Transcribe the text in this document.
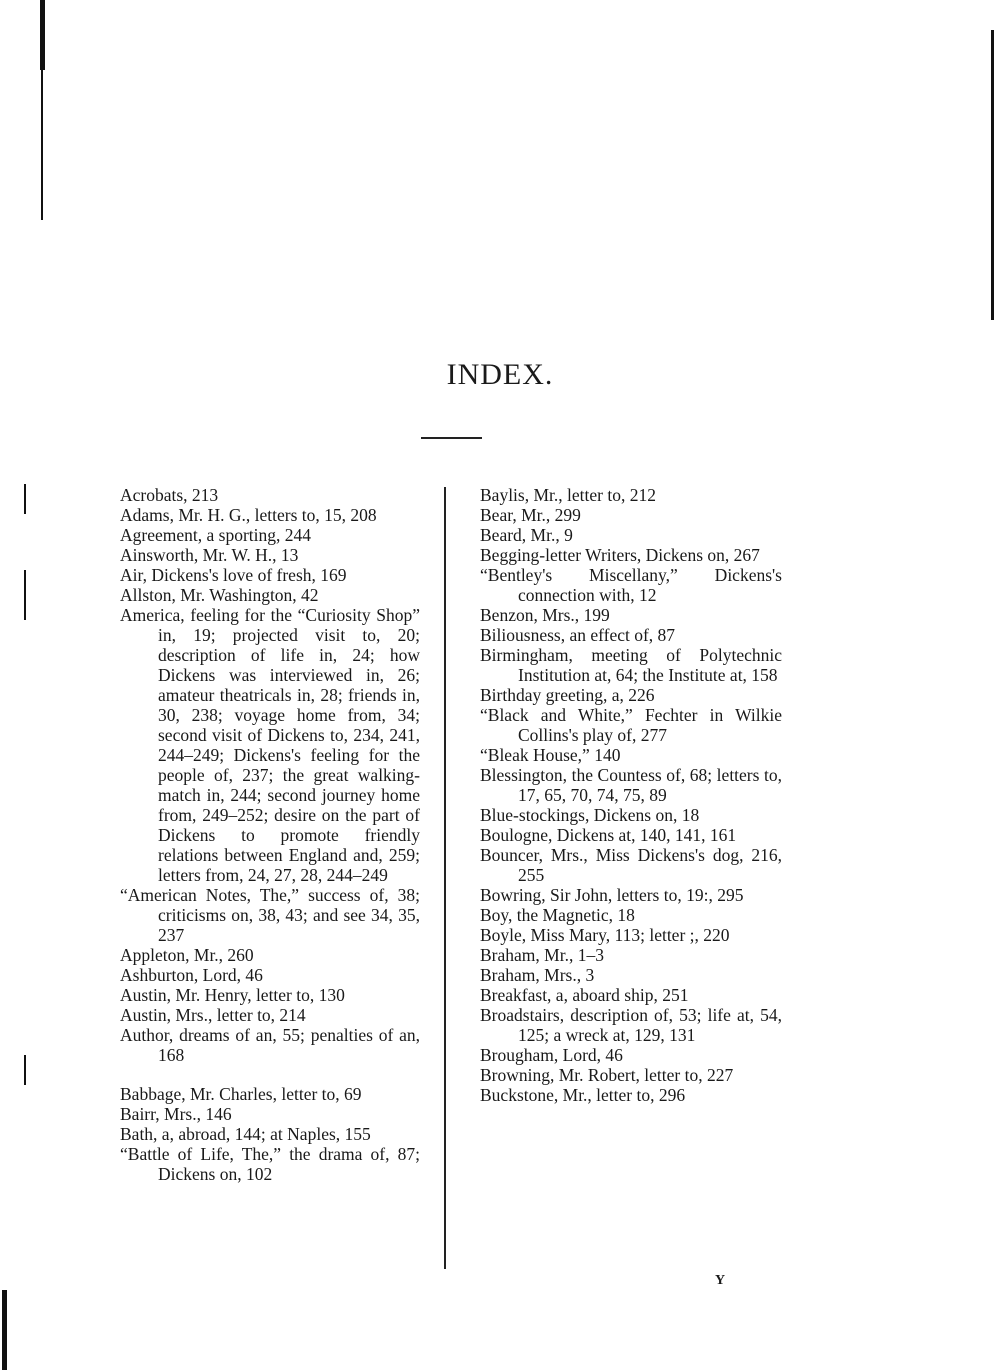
INDEX.
Acrobats, 213
Adams, Mr. H. G., letters to, 15, 208
Agreement, a sporting, 244
Ainsworth, Mr. W. H., 13
Air, Dickens's love of fresh, 169
Allston, Mr. Washington, 42
America, feeling for the “Curiosity Shop” in, 19; projected visit to, 20; description of life in, 24; how Dickens was interviewed in, 26; amateur theatricals in, 28; friends in, 30, 238; voyage home from, 34; second visit of Dickens to, 234, 241, 244–249; Dickens's feeling for the people of, 237; the great walking-match in, 244; second journey home from, 249–252; desire on the part of Dickens to promote friendly relations between England and, 259; letters from, 24, 27, 28, 244–249
“American Notes, The,” success of, 38; criticisms on, 38, 43; and see 34, 35, 237
Appleton, Mr., 260
Ashburton, Lord, 46
Austin, Mr. Henry, letter to, 130
Austin, Mrs., letter to, 214
Author, dreams of an, 55; penalties of an, 168
Babbage, Mr. Charles, letter to, 69
Bairr, Mrs., 146
Bath, a, abroad, 144; at Naples, 155
“Battle of Life, The,” the drama of, 87; Dickens on, 102
Baylis, Mr., letter to, 212
Bear, Mr., 299
Beard, Mr., 9
Begging-letter Writers, Dickens on, 267
“Bentley's Miscellany,” Dickens's connection with, 12
Benzon, Mrs., 199
Biliousness, an effect of, 87
Birmingham, meeting of Polytechnic Institution at, 64; the Institute at, 158
Birthday greeting, a, 226
“Black and White,” Fechter in Wilkie Collins's play of, 277
“Bleak House,” 140
Blessington, the Countess of, 68; letters to, 17, 65, 70, 74, 75, 89
Blue-stockings, Dickens on, 18
Boulogne, Dickens at, 140, 141, 161
Bouncer, Mrs., Miss Dickens's dog, 216, 255
Bowring, Sir John, letters to, 19:, 295
Boy, the Magnetic, 18
Boyle, Miss Mary, 113; letter ;, 220
Braham, Mr., 1–3
Braham, Mrs., 3
Breakfast, a, aboard ship, 251
Broadstairs, description of, 53; life at, 54, 125; a wreck at, 129, 131
Brougham, Lord, 46
Browning, Mr. Robert, letter to, 227
Buckstone, Mr., letter to, 296
Y
